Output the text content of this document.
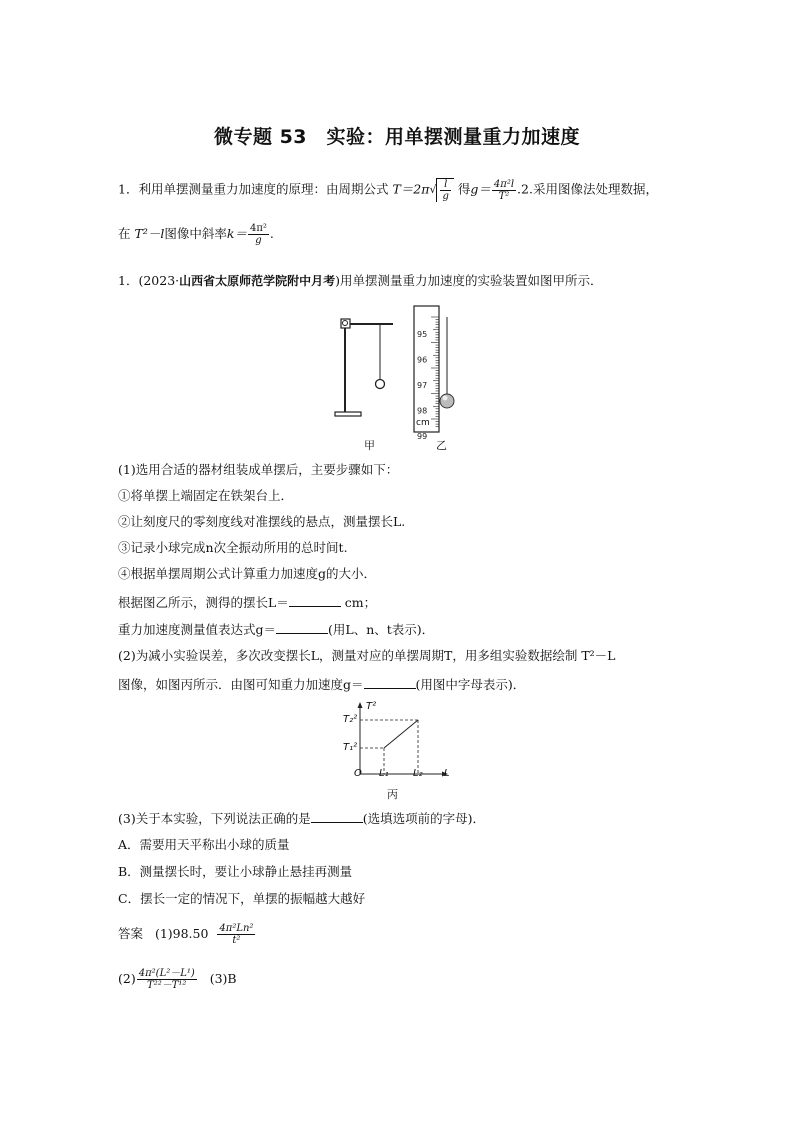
微专题 53　实验：用单摆测量重力加速度
1．利用单摆测量重力加速度的原理：由周期公式 T＝2π √ $\frac{l}{g}$ 得$g= \frac{\text{4π²l}}{\text{T²}} .2$.采用图像法处理数据，
在 T²－l图像中斜率$k= \frac{\text{4π²}}{g}$ .
1．(2023·山西省太原师范学院附中月考)用单摆测量重力加速度的实验装置如图甲所示．
甲
95
96
97
98
99
cm
乙
(1)选用合适的器材组装成单摆后，主要步骤如下：
①将单摆上端固定在铁架台上．
②让刻度尺的零刻度线对准摆线的悬点，测量摆长L.
③记录小球完成n次全振动所用的总时间t.
④根据单摆周期公式计算重力加速度g的大小．
根据图乙所示，测得的摆长L＝	cm；
重力加速度测量值表达式g＝	(用L、n、t表示)．
(2)为减小实验误差，多次改变摆长L，测量对应的单摆周期T，用多组实验数据绘制 T²－L
图像，如图丙所示．由图可知重力加速度g＝	(用图中字母表示)．
T²
T₂²
T₁²
O L₁ L₂ L
丙
(3)关于本实验，下列说法正确的是	(选填选项前的字母)．
A．需要用天平称出小球的质量
B．测量摆长时，要让小球静止悬挂再测量
C．摆长一定的情况下，单摆的振幅越大越好
答案 $(1)98.50 \frac{\text{4π²Ln²}}{\text{t²}}$
$(2) \frac{\text{4π²(L²－L¹)}}{\text{T²²－T¹²}} (3)B$
